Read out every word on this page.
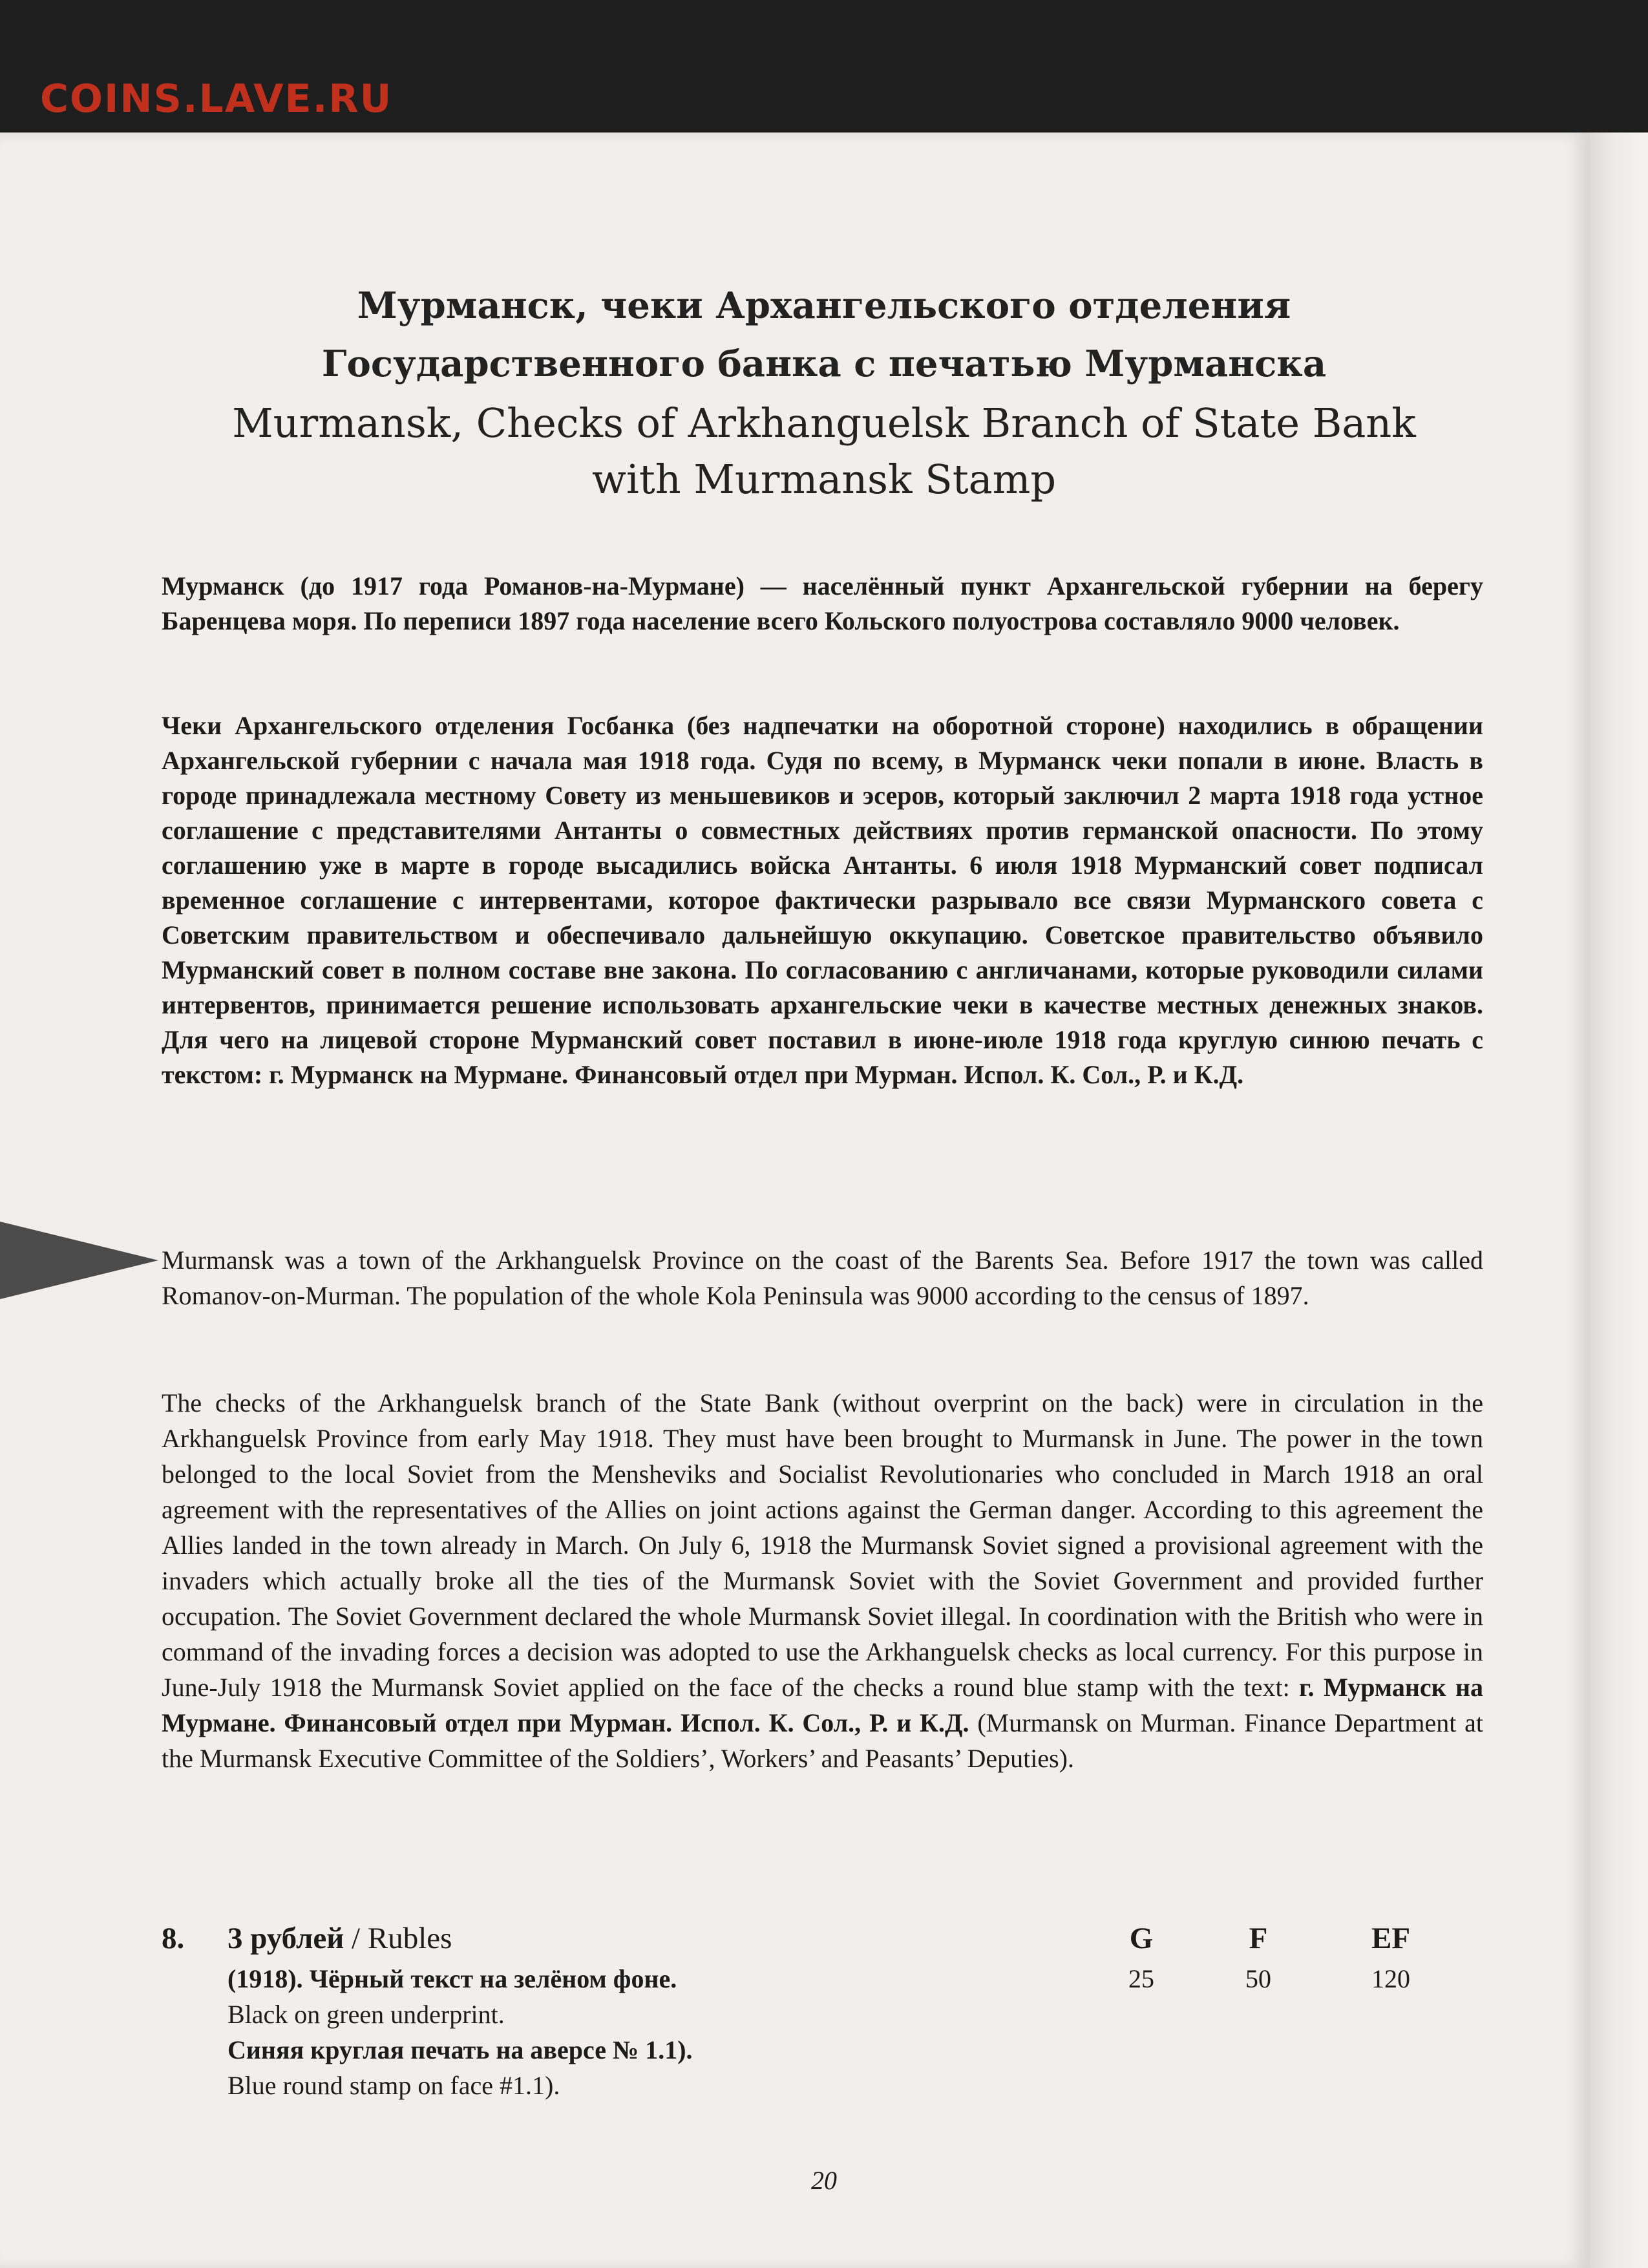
COINS.LAVE.RU
Мурманск, чеки Архангельского отделения
Государственного банка с печатью Мурманска
Murmansk, Checks of Arkhanguelsk Branch of State Bank
with Murmansk Stamp

Мурманск (до 1917 года Романов-на-Мурмане) — населённый пункт Архангельской губернии на берегу Баренцева моря. По переписи 1897 года население всего Кольского полуострова составляло 9000 человек.

Чеки Архангельского отделения Госбанка (без надпечатки на оборотной стороне) находились в обращении Архангельской губернии с начала мая 1918 года. Судя по всему, в Мурманск чеки попали в июне. Власть в городе принадлежала местному Совету из меньшевиков и эсеров, который заключил 2 марта 1918 года устное соглашение с представителями Антанты о совместных действиях против германской опасности. По этому соглашению уже в марте в городе высадились войска Антанты. 6 июля 1918 Мурманский совет подписал временное соглашение с интервентами, которое фактически разрывало все связи Мурманского совета с Советским правительством и обеспечивало дальнейшую оккупацию. Советское правительство объявило Мурманский совет в полном составе вне закона. По согласованию с англичанами, которые руководили силами интервентов, принимается решение использовать архангельские чеки в качестве местных денежных знаков. Для чего на лицевой стороне Мурманский совет поставил в июне-июле 1918 года круглую синюю печать с текстом: г. Мурманск на Мурмане. Финансовый отдел при Мурман. Испол. К. Сол., Р. и К.Д.

Murmansk was a town of the Arkhanguelsk Province on the coast of the Barents Sea. Before 1917 the town was called Romanov-on-Murman. The population of the whole Kola Peninsula was 9000 according to the census of 1897.

The checks of the Arkhanguelsk branch of the State Bank (without overprint on the back) were in circulation in the Arkhanguelsk Province from early May 1918. They must have been brought to Murmansk in June. The power in the town belonged to the local Soviet from the Mensheviks and Socialist Revolutionaries who concluded in March 1918 an oral agreement with the representatives of the Allies on joint actions against the German danger. According to this agreement the Allies landed in the town already in March. On July 6, 1918 the Murmansk Soviet signed a provisional agreement with the invaders which actually broke all the ties of the Murmansk Soviet with the Soviet Government and provided further occupation. The Soviet Government declared the whole Murmansk Soviet illegal. In coordination with the British who were in command of the invading forces a decision was adopted to use the Arkhanguelsk checks as local currency. For this purpose in June-July 1918 the Murmansk Soviet applied on the face of the checks a round blue stamp with the text: г. Мурманск на Мурмане. Финансовый отдел при Мурман. Испол. К. Сол., Р. и К.Д. (Murmansk on Murman. Finance Department at the Murmansk Executive Committee of the Soldiers’, Workers’ and Peasants’ Deputies).

8. 3 рублей / Rubles	G	F	EF
(1918). Чёрный текст на зелёном фоне.	25	50	120
Black on green underprint.
Синяя круглая печать на аверсе № 1.1).
Blue round stamp on face #1.1).
20
